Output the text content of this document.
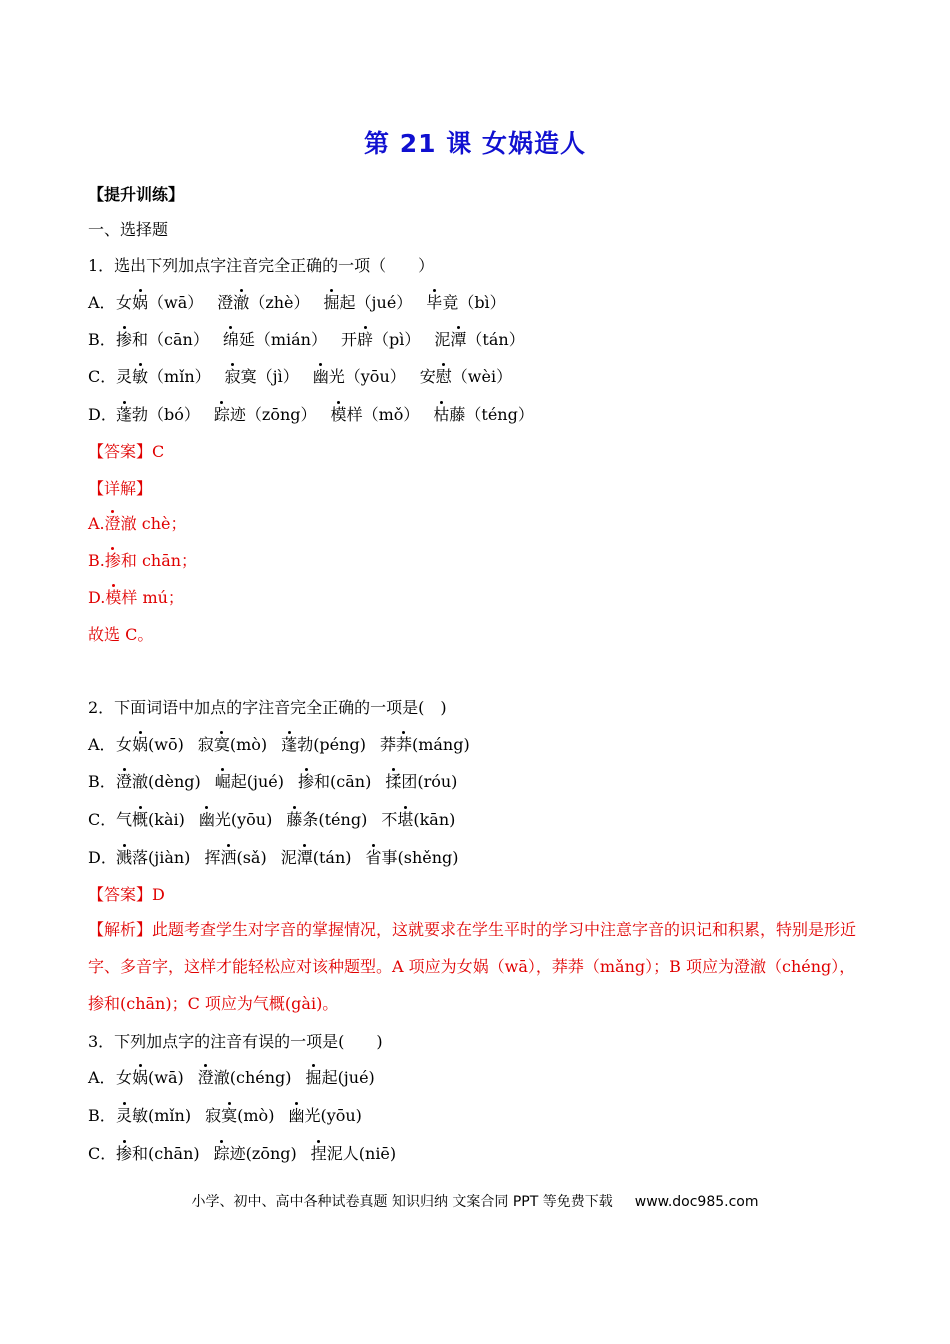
第 21 课 女娲造人
【提升训练】
一、选择题
1．选出下列加点字注音完全正确的一项（　　）
A．女娲（wā） 澄澈（zhè） 掘起（jué） 毕竟（bì）
B．掺和（cān） 绵延（mián） 开辟（pì） 泥潭（tán）
C．灵敏（mǐn） 寂寞（jì） 幽光（yōu） 安慰（wèi）
D．蓬勃（bó） 踪迹（zōng） 模样（mǒ） 枯藤（téng）
【答案】C
【详解】
A.澄澈 chè；
B.掺和 chān；
D.模样 mú；
故选 C。
2．下面词语中加点的字注音完全正确的一项是(　)
A．女娲(wō) 寂寞(mò) 蓬勃(péng) 莽莽(máng)
B．澄澈(dèng) 崛起(jué) 掺和(cān) 揉团(róu)
C．气概(kài) 幽光(yōu) 藤条(téng) 不堪(kān)
D．溅落(jiàn) 挥洒(sǎ) 泥潭(tán) 省事(shěng)
【答案】D
【解析】此题考查学生对字音的掌握情况，这就要求在学生平时的学习中注意字音的识记和积累，特别是形近字、多音字，这样才能轻松应对该种题型。A 项应为女娲（wā），莽莽（mǎng）；B 项应为澄澈（chéng），掺和(chān)；C 项应为气概(gài)。
3．下列加点字的注音有误的一项是(　　)
A．女娲(wā) 澄澈(chéng) 掘起(jué)
B．灵敏(mǐn) 寂寞(mò) 幽光(yōu)
C．掺和(chān) 踪迹(zōng) 捏泥人(niē)
小学、初中、高中各种试卷真题 知识归纳 文案合同 PPT 等免费下载 www.doc985.com
